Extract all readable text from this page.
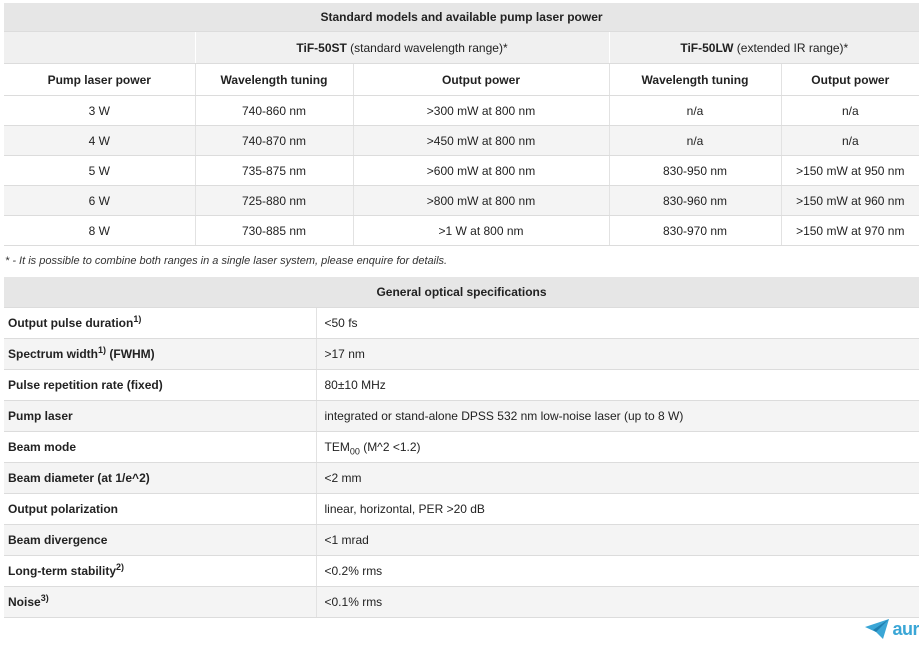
Standard models and available pump laser power				
	TiF-50ST (standard wavelength range)*		TiF-50LW (extended IR range)*	
Pump laser power	Wavelength tuning	Output power	Wavelength tuning	Output power
3 W	740-860 nm	>300 mW at 800 nm	n/a	n/a
4 W	740-870 nm	>450 mW at 800 nm	n/a	n/a
5 W	735-875 nm	>600 mW at 800 nm	830-950 nm	>150 mW at 950 nm
6 W	725-880 nm	>800 mW at 800 nm	830-960 nm	>150 mW at 960 nm
8 W	730-885 nm	>1 W at 800 nm	830-970 nm	>150 mW at 970 nm
* - It is possible to combine both ranges in a single laser system, please enquire for details.
General optical specifications	
Output pulse duration$^{1)}$	<50 fs
Spectrum width$^{1)}$ (FWHM)	>17 nm
Pulse repetition rate (fixed)	80±10 MHz
Pump laser	integrated or stand-alone DPSS 532 nm low-noise laser (up to 8 W)
Beam mode	$TEM_{00}$ (M^2 <1.2)
Beam diameter (at 1/e^2)	<2 mm
Output polarization	linear, horizontal, PER >20 dB
Beam divergence	<1 mrad
Long-term stability$^{2)}$	<0.2% rms
Noise$^{3)}$	<0.1% rms
aur
